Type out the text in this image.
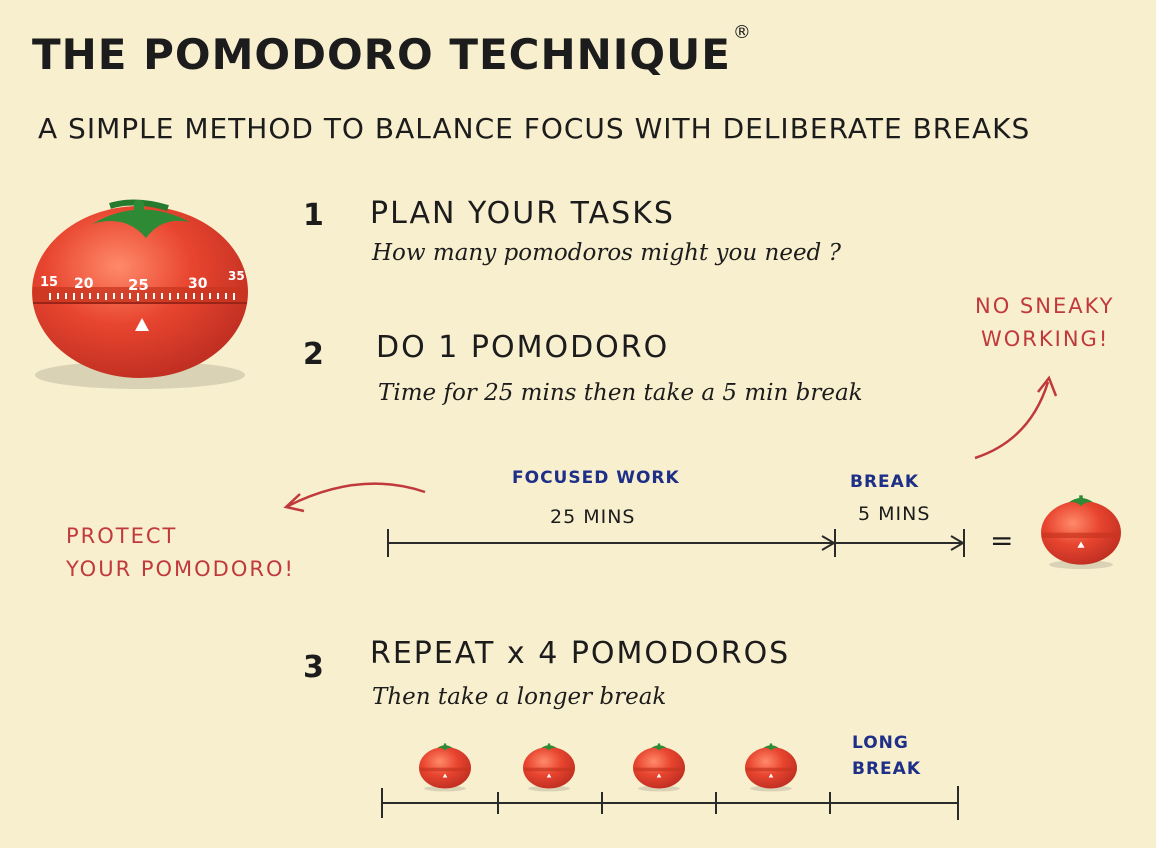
THE POMODORO TECHNIQUE ®
A SIMPLE METHOD TO BALANCE FOCUS WITH DELIBERATE BREAKS
15 20 25	30 35
1 PLAN YOUR TASKS
How many pomodoros might you need ?
2 DO 1 POMODORO
Time for 25 mins then take a 5 min break
3 REPEAT x 4 POMODOROS
Then take a longer break
PROTECT
YOUR POMODORO!
NO SNEAKY
WORKING!
FOCUSED WORK
25 MINS
BREAK
5 MINS
=
LONG
BREAK
